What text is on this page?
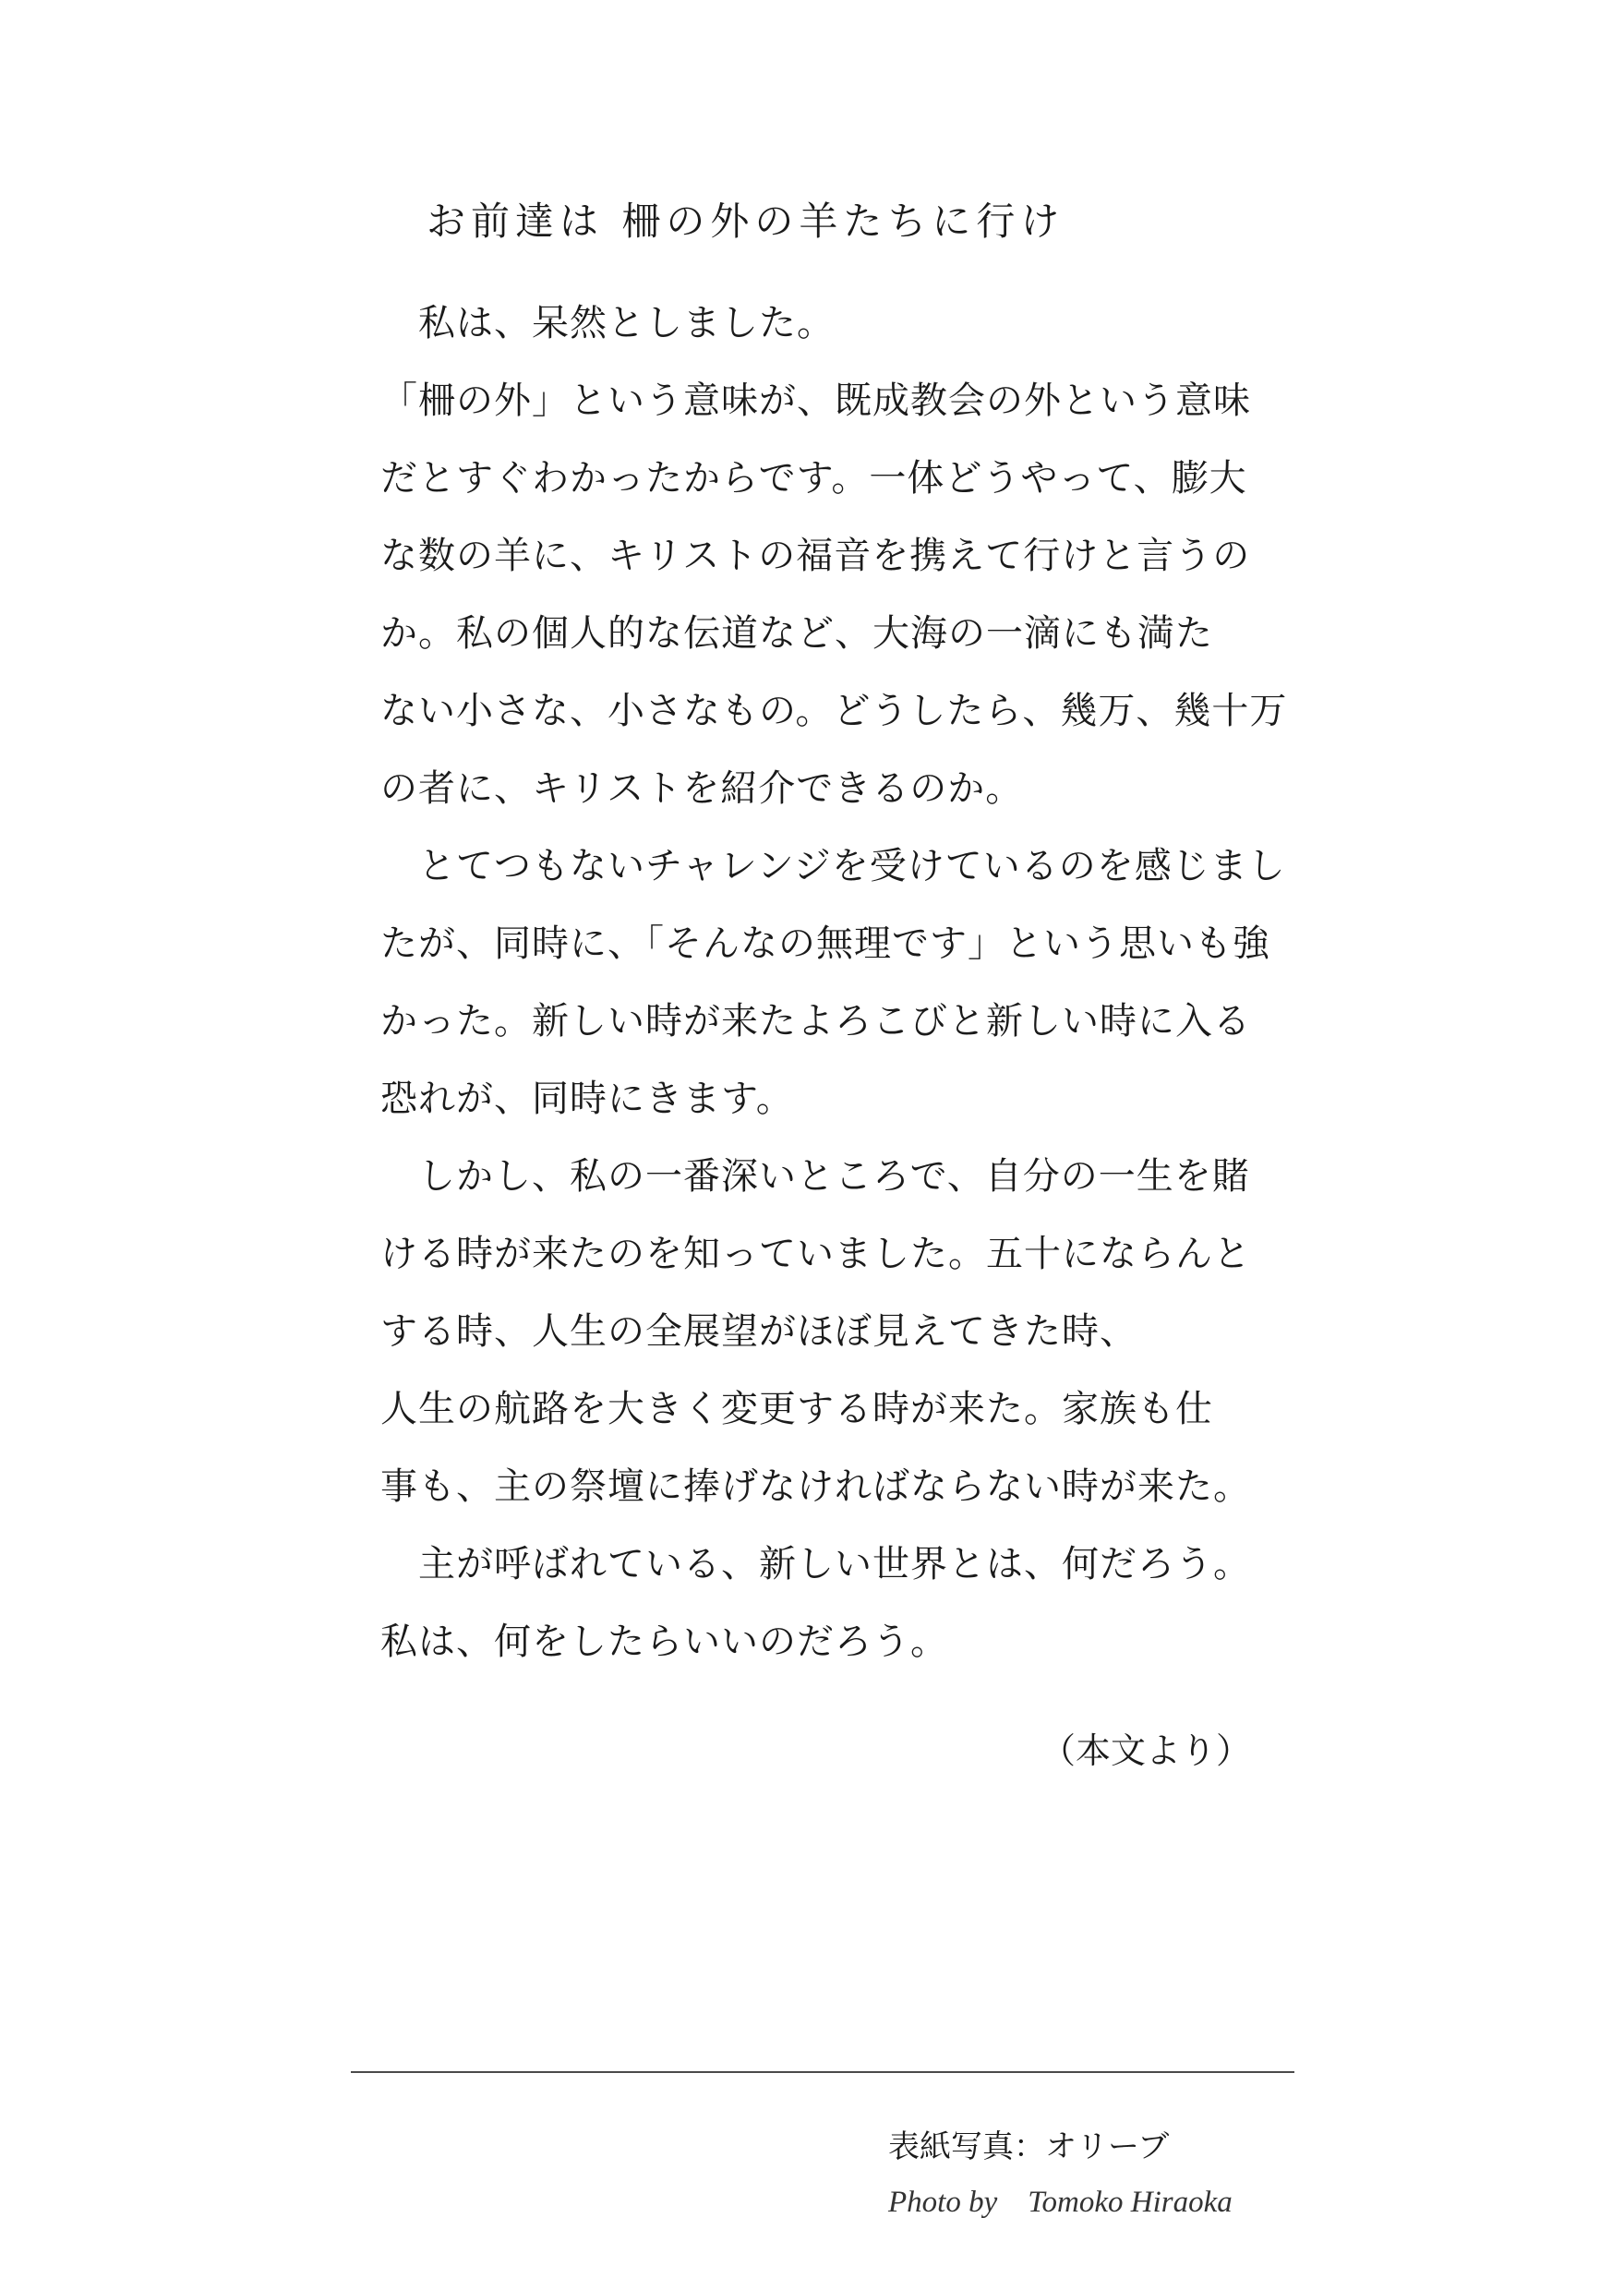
お前達は 柵の外の羊たちに行け
　私は、呆然としました。
「柵の外」という意味が、既成教会の外という意味
だとすぐわかったからです。一体どうやって、膨大
な数の羊に、キリストの福音を携えて行けと言うの
か。私の個人的な伝道など、大海の一滴にも満た
ない小さな、小さなもの。どうしたら、幾万、幾十万
の者に、キリストを紹介できるのか。
　とてつもないチャレンジを受けているのを感じまし
たが、同時に、「そんなの無理です」という思いも強
かった。新しい時が来たよろこびと新しい時に入る
恐れが、同時にきます。
　しかし、私の一番深いところで、自分の一生を賭
ける時が来たのを知っていました。五十にならんと
する時、人生の全展望がほぼ見えてきた時、
人生の航路を大きく変更する時が来た。家族も仕
事も、主の祭壇に捧げなければならない時が来た。
　主が呼ばれている、新しい世界とは、何だろう。
私は、何をしたらいいのだろう。
（本文より）
表紙写真：オリーブ
Photo by　Tomoko Hiraoka
